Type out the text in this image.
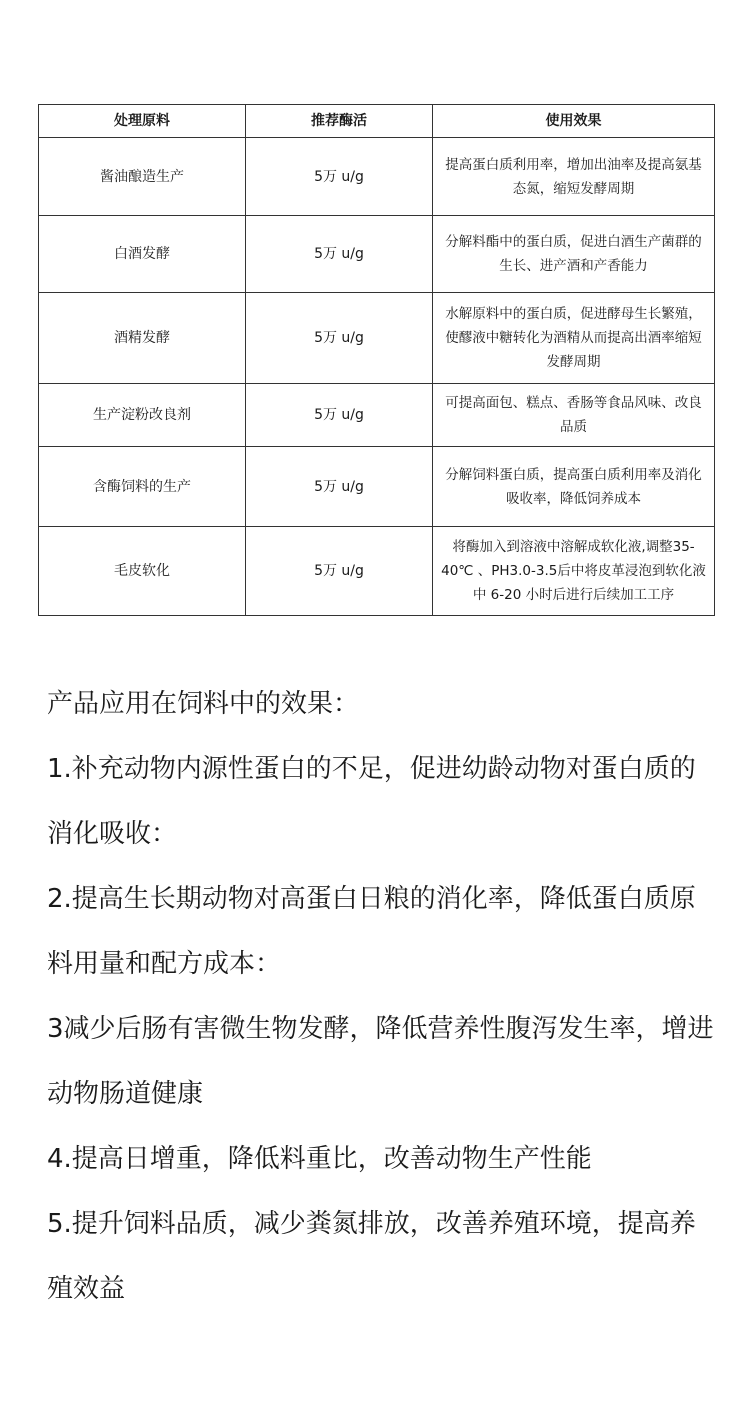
处理原料	推荐酶活	使用效果
酱油酿造生产	5万 u/g	提高蛋白质利用率，增加出油率及提高氨基态氮，缩短发酵周期
白酒发酵	5万 u/g	分解料酯中的蛋白质，促进白酒生产菌群的生长、进产酒和产香能力
酒精发酵	5万 u/g	水解原料中的蛋白质，促进酵母生长繁殖，使醪液中糖转化为酒精从而提高出酒率缩短发酵周期
生产淀粉改良剂	5万 u/g	可提高面包、糕点、香肠等食品风味、改良品质
含酶饲料的生产	5万 u/g	分解饲料蛋白质，提高蛋白质利用率及消化吸收率，降低饲养成本
毛皮软化	5万 u/g	将酶加入到溶液中溶解成软化液,调整35-40℃ 、PH3.0-3.5后中将皮革浸泡到软化液中 6-20 小时后进行后续加工工序

产品应用在饲料中的效果：

1.补充动物内源性蛋白的不足，促进幼龄动物对蛋白质的消化吸收：

2.提高生长期动物对高蛋白日粮的消化率，降低蛋白质原料用量和配方成本：

3减少后肠有害微生物发酵，降低营养性腹泻发生率，增进动物肠道健康

4.提高日增重，降低料重比，改善动物生产性能

5.提升饲料品质，减少粪氮排放，改善养殖环境，提高养殖效益
